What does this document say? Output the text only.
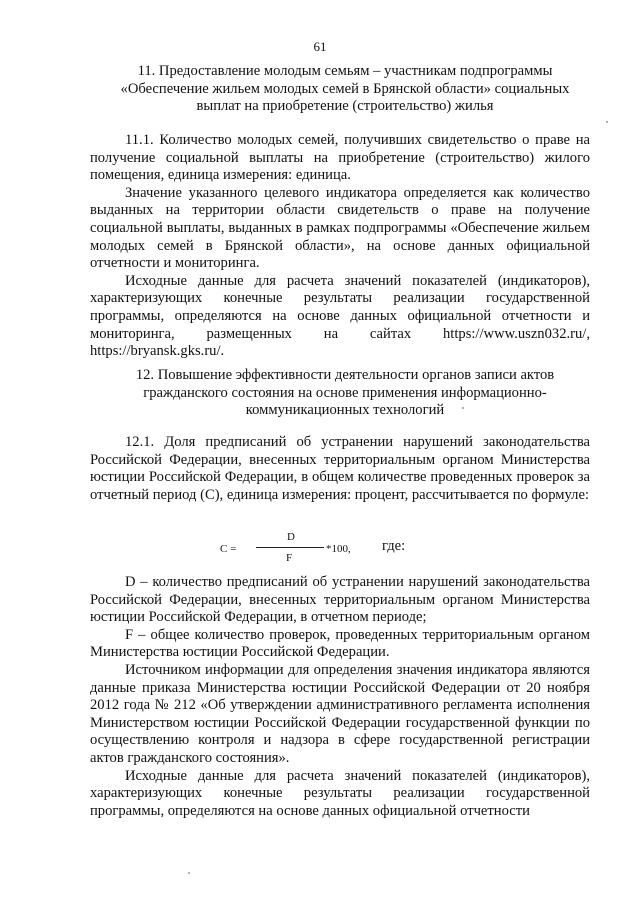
61
11. Предоставление молодым семьям – участникам подпрограммы
«Обеспечение жильем молодых семей в Брянской области» социальных
выплат на приобретение (строительство) жилья

11.1. Количество молодых семей, получивших свидетельство о праве на получение социальной выплаты на приобретение (строительство) жилого помещения, единица измерения: единица.

Значение указанного целевого индикатора определяется как количество выданных на территории области свидетельств о праве на получение социальной выплаты, выданных в рамках подпрограммы «Обеспечение жильем молодых семей в Брянской области», на основе данных официальной отчетности и мониторинга.

Исходные данные для расчета значений показателей (индикаторов), характеризующих конечные результаты реализации государственной программы, определяются на основе данных официальной отчетности и мониторинга, размещенных на сайтах https://www.uszn032.ru/, https://bryansk.gks.ru/.

12. Повышение эффективности деятельности органов записи актов
гражданского состояния на основе применения информационно-
коммуникационных технологий

12.1. Доля предписаний об устранении нарушений законодательства Российской Федерации, внесенных территориальным органом Министерства юстиции Российской Федерации, в общем количестве проведенных проверок за отчетный период (С), единица измерения: процент, рассчитывается по формуле:

C =
D
F
*100, где:

D – количество предписаний об устранении нарушений законодательства Российской Федерации, внесенных территориальным органом Министерства юстиции Российской Федерации, в отчетном периоде;

F – общее количество проверок, проведенных территориальным органом Министерства юстиции Российской Федерации.

Источником информации для определения значения индикатора являются данные приказа Министерства юстиции Российской Федерации от 20 ноября 2012 года № 212 «Об утверждении административного регламента исполнения Министерством юстиции Российской Федерации государственной функции по осуществлению контроля и надзора в сфере государственной регистрации актов гражданского состояния».

Исходные данные для расчета значений показателей (индикаторов), характеризующих конечные результаты реализации государственной программы, определяются на основе данных официальной отчетности
